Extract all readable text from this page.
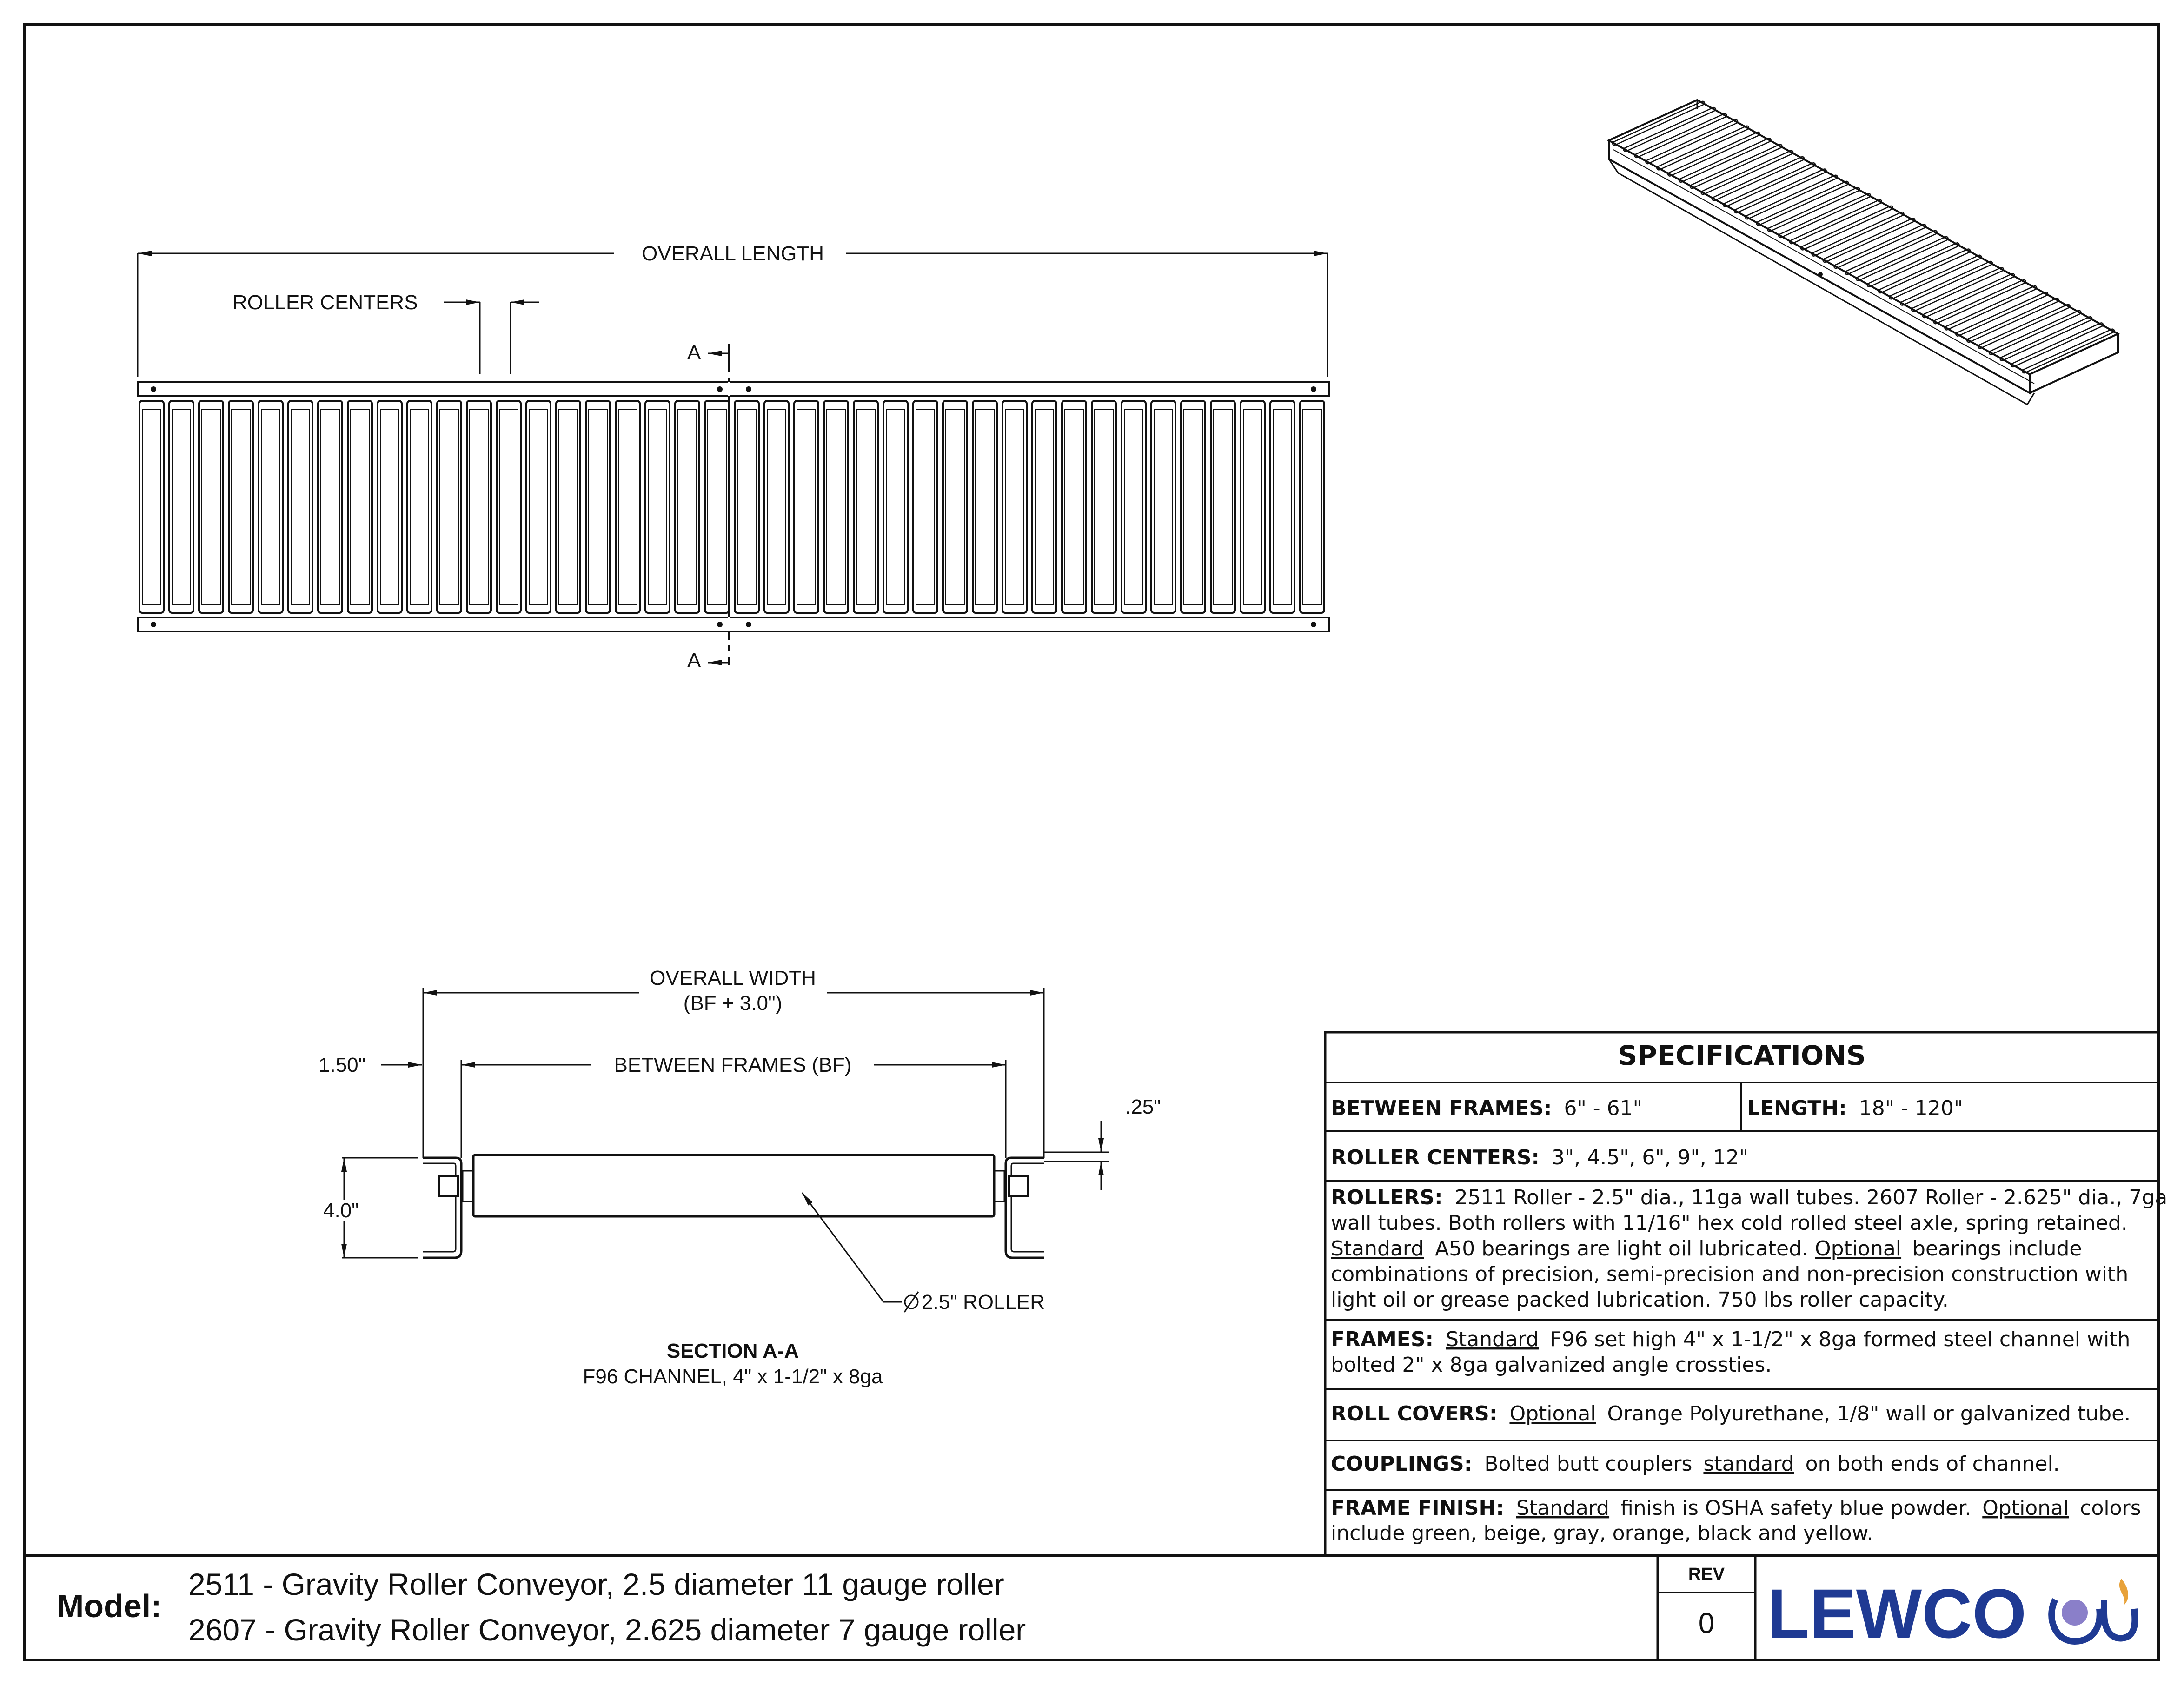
OVERALL LENGTH
ROLLER CENTERS
A
A
OVERALL WIDTH
(BF + 3.0")
BETWEEN FRAMES (BF)
1.50"
4.0"
.25"
2.5" ROLLER
SECTION A-A
F96 CHANNEL, 4" x 1-1/2" x 8ga
SPECIFICATIONS
BETWEEN FRAMES: 6" - 61"	LENGTH: 18" - 120"
ROLLER CENTERS: 3", 4.5", 6", 9", 12"
ROLLERS: 2511 Roller - 2.5" dia., 11ga wall tubes. 2607 Roller - 2.625" dia., 7ga
wall tubes. Both rollers with 11/16" hex cold rolled steel axle, spring retained.
Standard A50 bearings are light oil lubricated. Optional bearings include
combinations of precision, semi-precision and non-precision construction with
light oil or grease packed lubrication. 750 lbs roller capacity.
FRAMES: Standard F96 set high 4" x 1-1/2" x 8ga formed steel channel with
bolted 2" x 8ga galvanized angle crossties.
ROLL COVERS: Optional Orange Polyurethane, 1/8" wall or galvanized tube.
COUPLINGS: Bolted butt couplers standard on both ends of channel.
FRAME FINISH: Standard finish is OSHA safety blue powder. Optional colors
include green, beige, gray, orange, black and yellow.
Model:
2511 - Gravity Roller Conveyor, 2.5 diameter 11 gauge roller
2607 - Gravity Roller Conveyor, 2.625 diameter 7 gauge roller
REV
0 LEWCO
